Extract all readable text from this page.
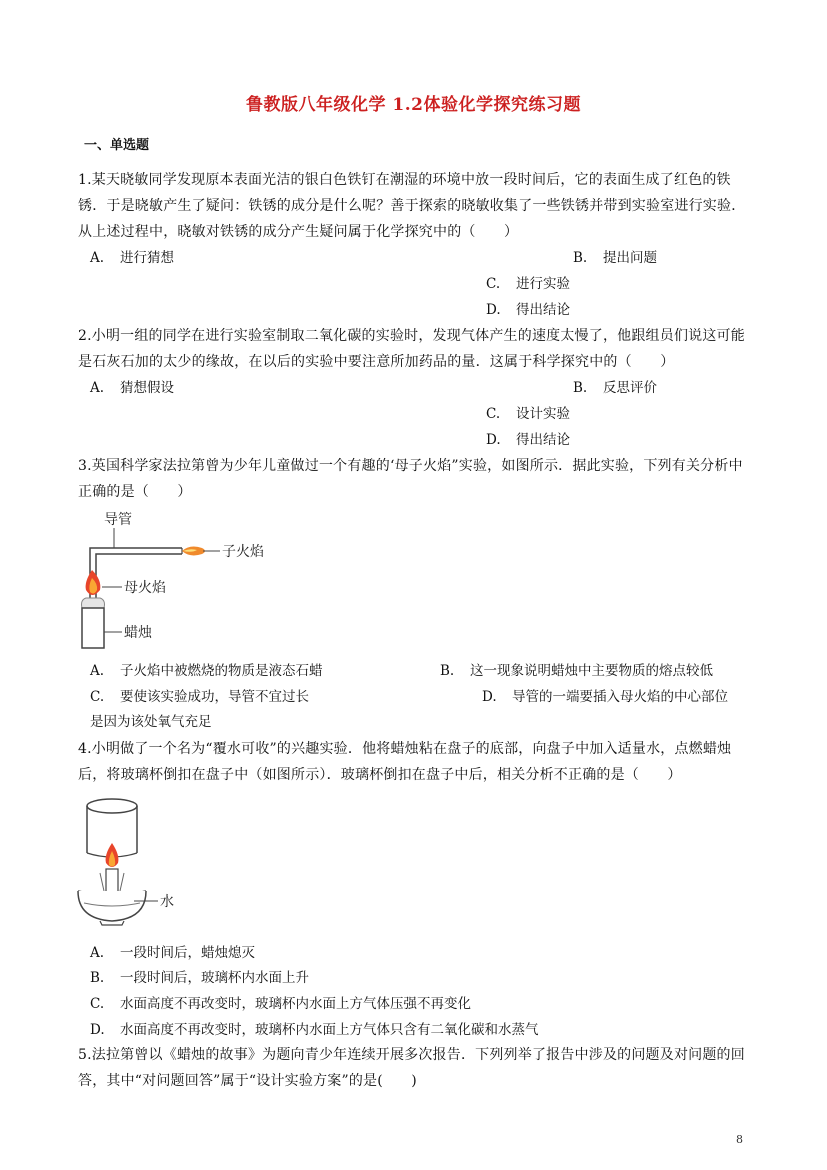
鲁教版八年级化学 1.2体验化学探究练习题
一、单选题
1.某天晓敏同学发现原本表面光洁的银白色铁钉在潮湿的环境中放一段时间后，它的表面生成了红色的铁锈．于是晓敏产生了疑问：铁锈的成分是什么呢？善于探索的晓敏收集了一些铁锈并带到实验室进行实验．从上述过程中，晓敏对铁锈的成分产生疑问属于化学探究中的（　　）
A. 进行猜想	B. 提出问题
C. 进行实验
D. 得出结论
2.小明一组的同学在进行实验室制取二氧化碳的实验时，发现气体产生的速度太慢了，他跟组员们说这可能是石灰石加的太少的缘故，在以后的实验中要注意所加药品的量．这属于科学探究中的（　　）
A. 猜想假设	B. 反思评价
C. 设计实验
D. 得出结论
3.英国科学家法拉第曾为少年儿童做过一个有趣的‘母子火焰”实验，如图所示．据此实验，下列有关分析中正确的是（　　）
子火焰
导管
母火焰
蜡烛
A. 子火焰中被燃烧的物质是液态石蜡	B. 这一现象说明蜡烛中主要物质的熔点较低
C. 要使该实验成功，导管不宜过长	D. 导管的一端要插入母火焰的中心部位
是因为该处氧气充足
4.小明做了一个名为“覆水可收”的兴趣实验．他将蜡烛粘在盘子的底部，向盘子中加入适量水，点燃蜡烛后，将玻璃杯倒扣在盘子中（如图所示）．玻璃杯倒扣在盘子中后，相关分析不正确的是（　　）
水
A. 一段时间后，蜡烛熄灭
B. 一段时间后，玻璃杯内水面上升
C. 水面高度不再改变时，玻璃杯内水面上方气体压强不再变化
D. 水面高度不再改变时，玻璃杯内水面上方气体只含有二氧化碳和水蒸气
5.法拉第曾以《蜡烛的故事》为题向青少年连续开展多次报告．下列列举了报告中涉及的问题及对问题的回答，其中“对问题回答”属于“设计实验方案”的是(　　)
8
